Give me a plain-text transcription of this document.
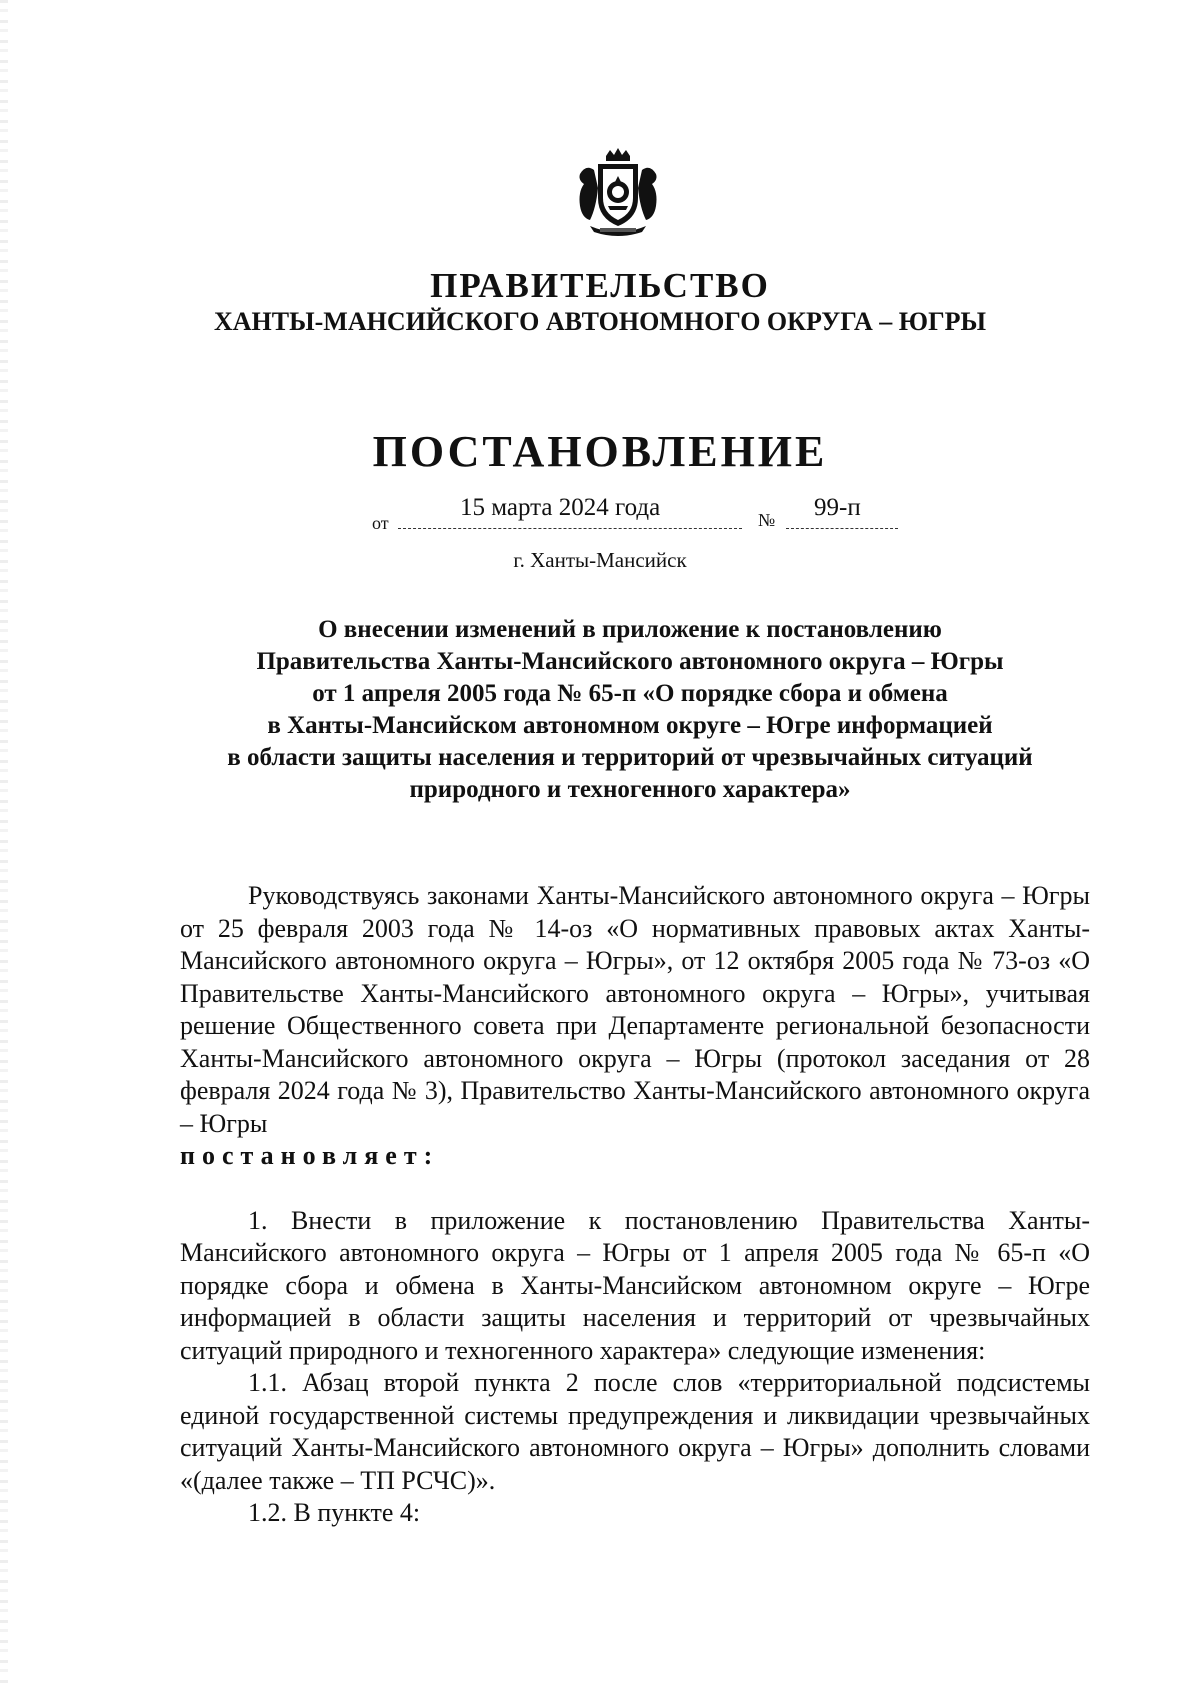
ПРАВИТЕЛЬСТВО
ХАНТЫ-МАНСИЙСКОГО АВТОНОМНОГО ОКРУГА – ЮГРЫ
ПОСТАНОВЛЕНИЕ
от
15 марта 2024 года	№ 99-п
г. Ханты-Мансийск
О внесении изменений в приложение к постановлению
Правительства Ханты-Мансийского автономного округа – Югры
от 1 апреля 2005 года № 65-п «О порядке сбора и обмена
в Ханты-Мансийском автономном округе – Югре информацией
в области защиты населения и территорий от чрезвычайных ситуаций
природного и техногенного характера»

Руководствуясь законами Ханты-Мансийского автономного округа – Югры от 25 февраля 2003 года № 14-оз «О нормативных правовых актах Ханты-Мансийского автономного округа – Югры», от 12 октября 2005 года № 73-оз «О Правительстве Ханты-Мансийского автономного округа – Югры», учитывая решение Общественного совета при Департаменте региональной безопасности Ханты-Мансийского автономного округа – Югры (протокол заседания от 28 февраля 2024 года № 3), Правительство Ханты-Мансийского автономного округа – Югры

постановляет:

1. Внести в приложение к постановлению Правительства Ханты-Мансийского автономного округа – Югры от 1 апреля 2005 года № 65-п «О порядке сбора и обмена в Ханты-Мансийском автономном округе – Югре информацией в области защиты населения и территорий от чрезвычайных ситуаций природного и техногенного характера» следующие изменения:

1.1. Абзац второй пункта 2 после слов «территориальной подсистемы единой государственной системы предупреждения и ликвидации чрезвычайных ситуаций Ханты-Мансийского автономного округа – Югры» дополнить словами «(далее также – ТП РСЧС)».

1.2. В пункте 4:
